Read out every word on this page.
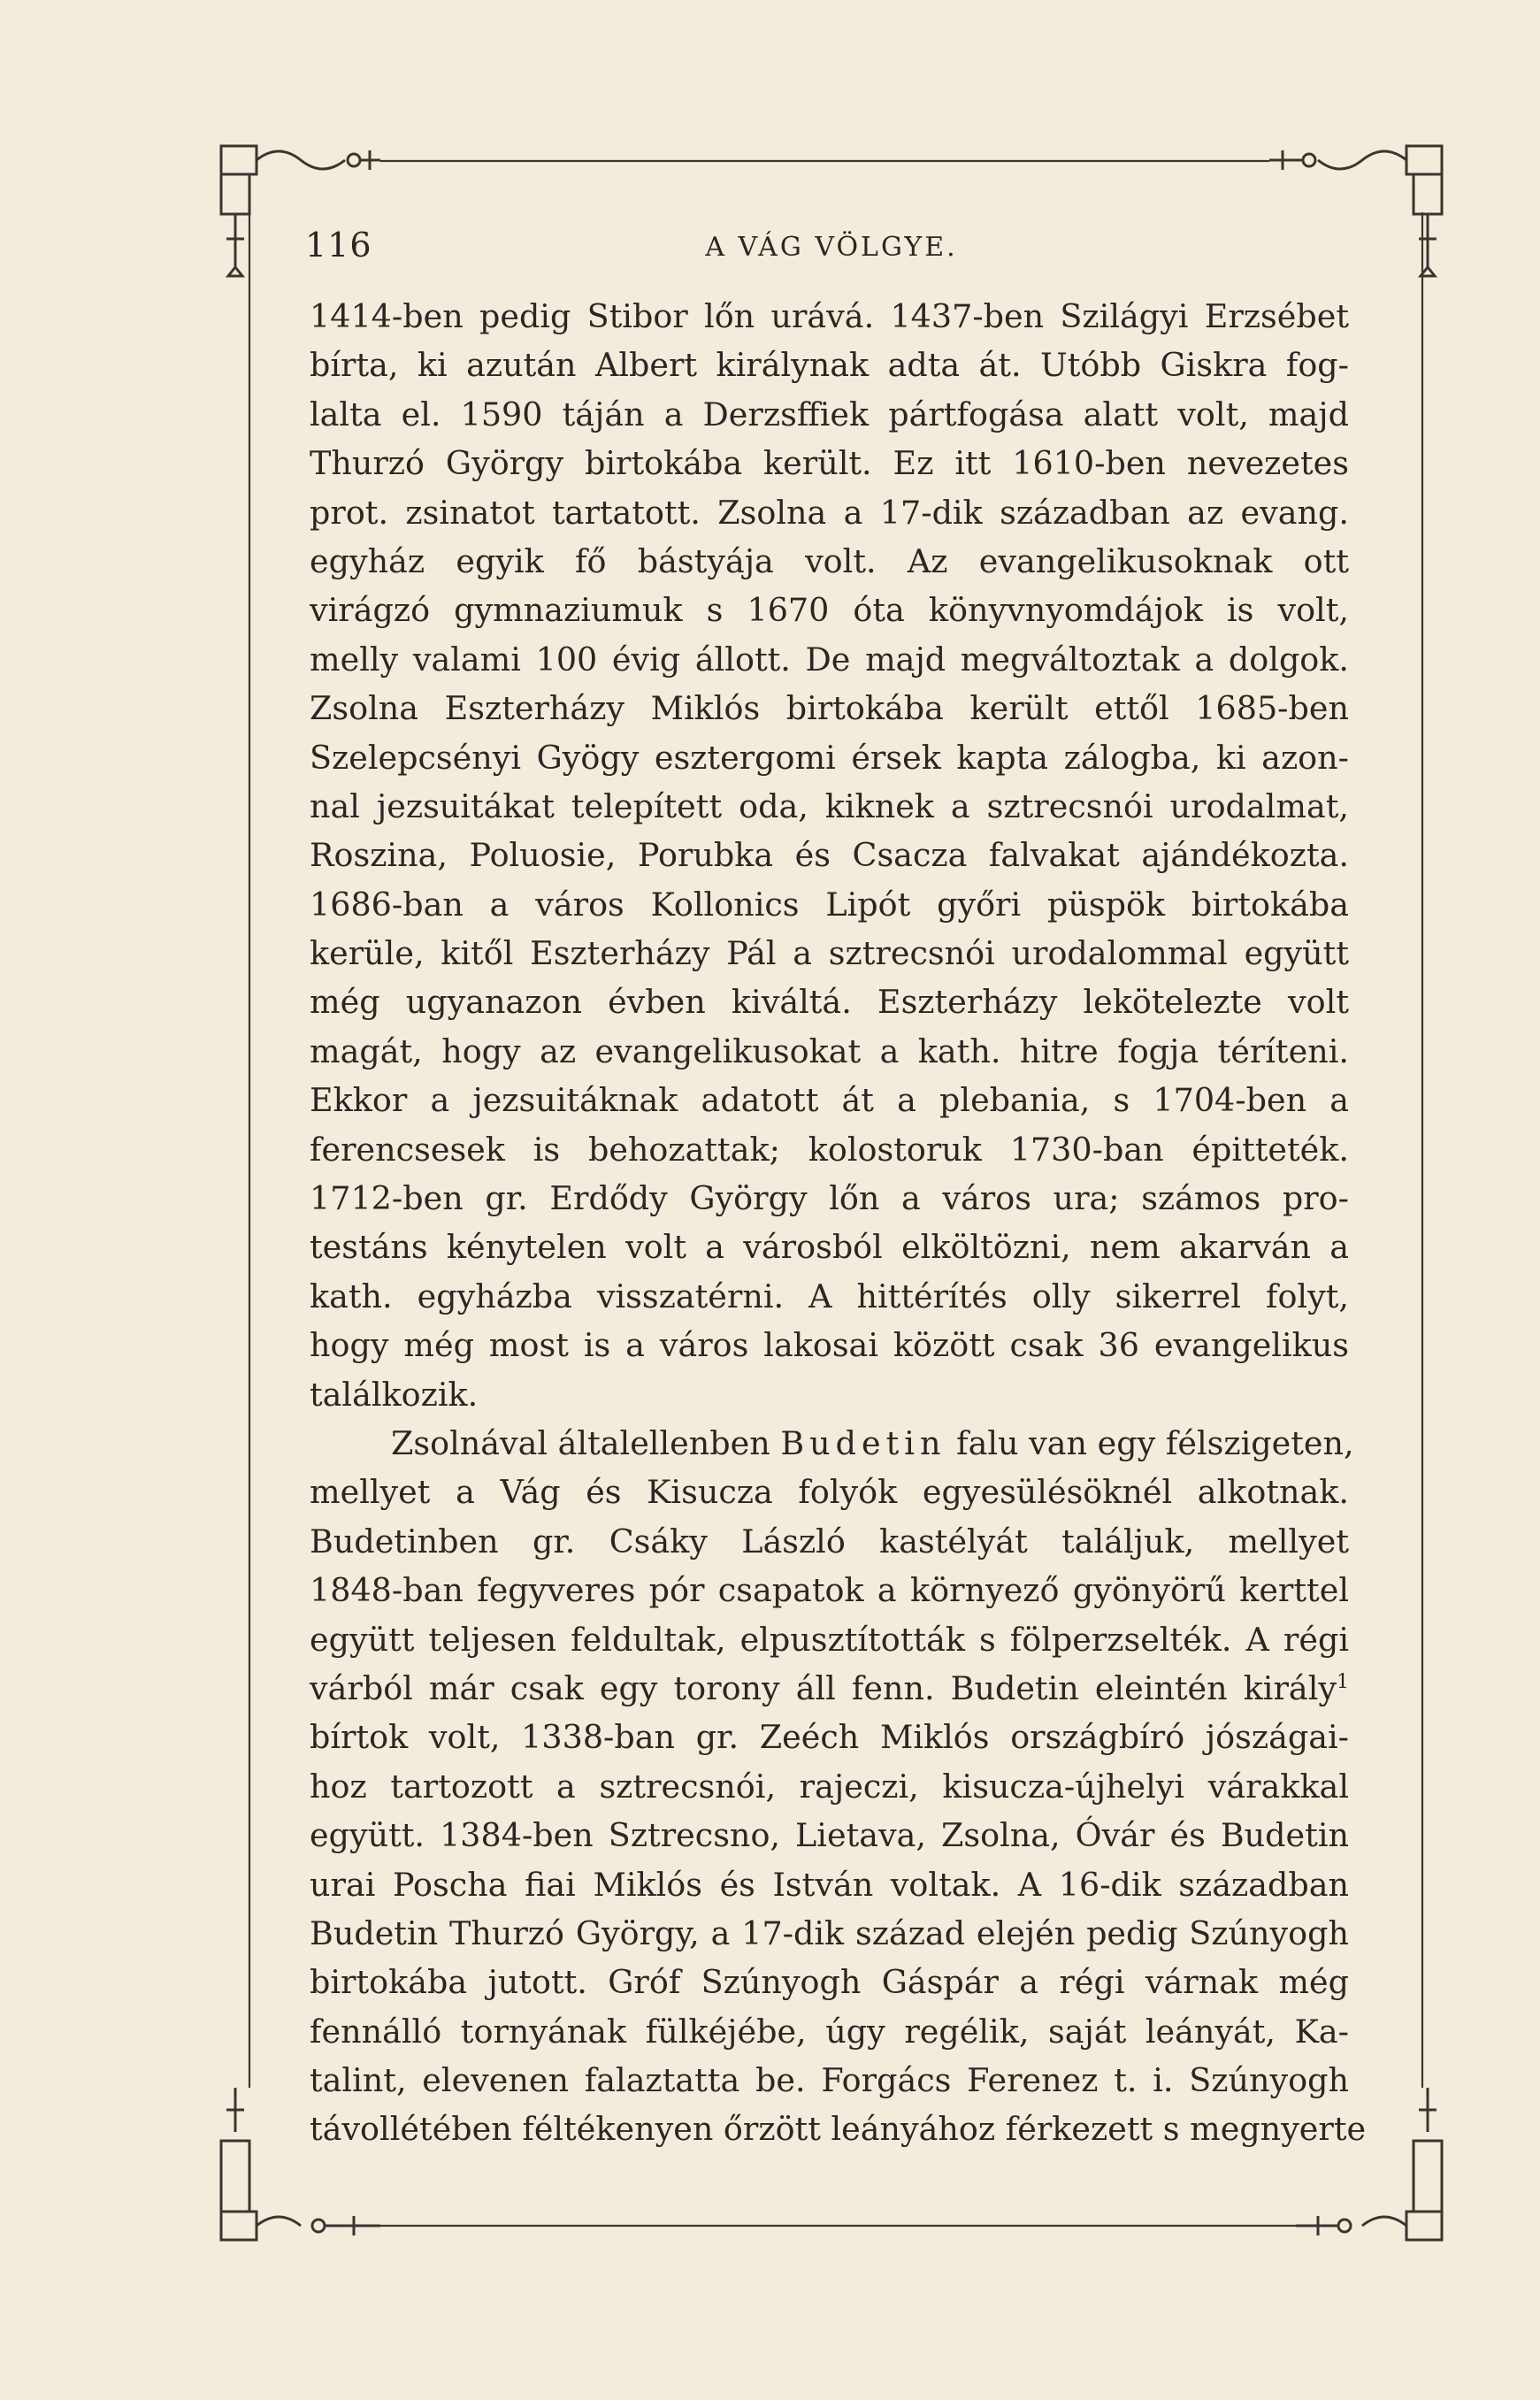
116	A VÁG VÖLGYE.
1414-ben pedig Stibor lőn urává. 1437-ben Szilágyi Erzsébet
bírta, ki azután Albert királynak adta át. Utóbb Giskra fog-
lalta el. 1590 táján a Derzsffiek pártfogása alatt volt, majd
Thurzó György birtokába került. Ez itt 1610-ben nevezetes
prot. zsinatot tartatott. Zsolna a 17-dik században az evang.
egyház egyik fő bástyája volt. Az evangelikusoknak ott
virágzó gymnaziumuk s 1670 óta könyvnyomdájok is volt,
melly valami 100 évig állott. De majd megváltoztak a dolgok.
Zsolna Eszterházy Miklós birtokába került ettől 1685-ben
Szelepcsényi Gyögy esztergomi érsek kapta zálogba, ki azon-
nal jezsuitákat telepített oda, kiknek a sztrecsnói urodalmat,
Roszina, Poluosie, Porubka és Csacza falvakat ajándékozta.
1686-ban a város Kollonics Lipót győri püspök birtokába
kerüle, kitől Eszterházy Pál a sztrecsnói urodalommal együtt
még ugyanazon évben kiváltá. Eszterházy lekötelezte volt
magát, hogy az evangelikusokat a kath. hitre fogja téríteni.
Ekkor a jezsuitáknak adatott át a plebania, s 1704-ben a
ferencsesek is behozattak; kolostoruk 1730-ban épitteték.
1712-ben gr. Erdődy György lőn a város ura; számos pro-
testáns kénytelen volt a városból elköltözni, nem akarván a
kath. egyházba visszatérni. A hittérítés olly sikerrel folyt,
hogy még most is a város lakosai között csak 36 evangelikus
találkozik.
Zsolnával általellenben Budetin falu van egy félszigeten,
mellyet a Vág és Kisucza folyók egyesülésöknél alkotnak.
Budetinben gr. Csáky László kastélyát találjuk, mellyet
1848-ban fegyveres pór csapatok a környező gyönyörű kerttel
együtt teljesen feldultak, elpusztították s fölperzselték. A régi
várból már csak egy torony áll fenn. Budetin eleintén király$^1$
bírtok volt, 1338-ban gr. Zeéch Miklós országbíró jószágai-
hoz tartozott a sztrecsnói, rajeczi, kisucza-újhelyi várakkal
együtt. 1384-ben Sztrecsno, Lietava, Zsolna, Óvár és Budetin
urai Poscha fiai Miklós és István voltak. A 16-dik században
Budetin Thurzó György, a 17-dik század elején pedig Szúnyogh
birtokába jutott. Gróf Szúnyogh Gáspár a régi várnak még
fennálló tornyának fülkéjébe, úgy regélik, saját leányát, Ka-
talint, elevenen falaztatta be. Forgács Ferenez t. i. Szúnyogh
távollétében féltékenyen őrzött leányához férkezett s megnyerte
